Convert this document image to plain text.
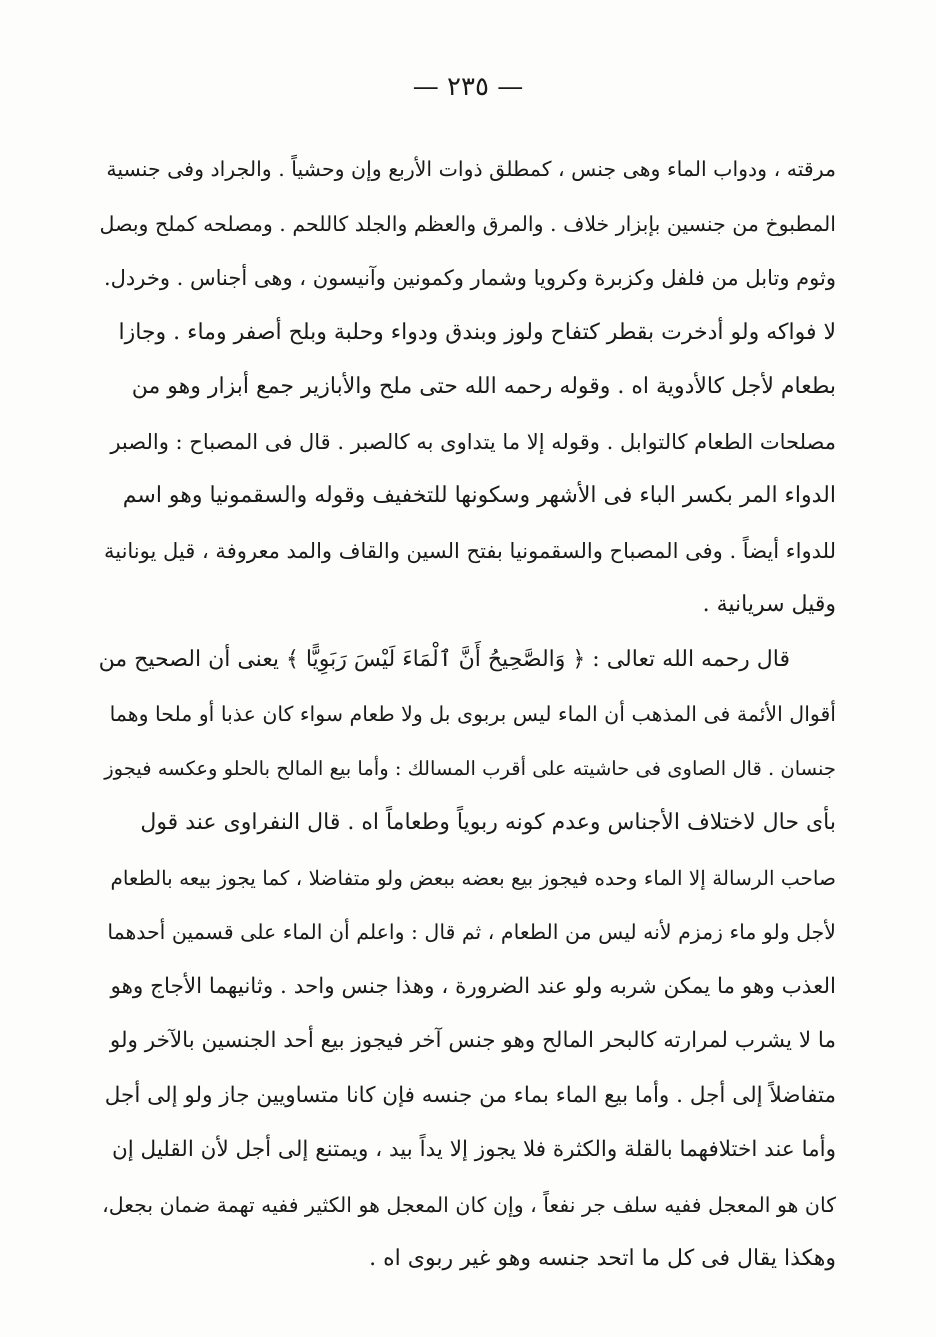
— ٢٣٥ —
مرقته ، ودواب الماء وهى جنس ، كمطلق ذوات الأربع وإن وحشياً . والجراد وفى جنسية
المطبوخ من جنسين بإبزار خلاف . والمرق والعظم والجلد كاللحم . ومصلحه كملح وبصل
وثوم وتابل من فلفل وكزبرة وكرويا وشمار وكمونين وآنيسون ، وهى أجناس . وخردل.
لا فواكه ولو أدخرت بقطر كتفاح ولوز وبندق ودواء وحلبة وبلح أصفر وماء . وجازا
بطعام لأجل كالأدوية اه . وقوله رحمه الله حتى ملح والأبازير جمع أبزار وهو من
مصلحات الطعام كالتوابل . وقوله إلا ما يتداوى به كالصبر . قال فى المصباح : والصبر
الدواء المر بكسر الباء فى الأشهر وسكونها للتخفيف وقوله والسقمونيا وهو اسم
للدواء أيضاً . وفى المصباح والسقمونيا بفتح السين والقاف والمد معروفة ، قيل يونانية
وقيل سريانية .
قال رحمه الله تعالى : ﴿ وَالصَّحِيحُ أَنَّ ٱلْمَاءَ لَيْسَ رَبَوِيًّا ﴾ يعنى أن الصحيح من
أقوال الأئمة فى المذهب أن الماء ليس بربوى بل ولا طعام سواء كان عذبا أو ملحا وهما
جنسان . قال الصاوى فى حاشيته على أقرب المسالك : وأما بيع المالح بالحلو وعكسه فيجوز
بأى حال لاختلاف الأجناس وعدم كونه ربوياً وطعاماً اه . قال النفراوى عند قول
صاحب الرسالة إلا الماء وحده فيجوز بيع بعضه ببعض ولو متفاضلا ، كما يجوز بيعه بالطعام
لأجل ولو ماء زمزم لأنه ليس من الطعام ، ثم قال : واعلم أن الماء على قسمين أحدهما
العذب وهو ما يمكن شربه ولو عند الضرورة ، وهذا جنس واحد . وثانيهما الأجاج وهو
ما لا يشرب لمرارته كالبحر المالح وهو جنس آخر فيجوز بيع أحد الجنسين بالآخر ولو
متفاضلاً إلى أجل . وأما بيع الماء بماء من جنسه فإن كانا متساويين جاز ولو إلى أجل
وأما عند اختلافهما بالقلة والكثرة فلا يجوز إلا يداً بيد ، ويمتنع إلى أجل لأن القليل إن
كان هو المعجل ففيه سلف جر نفعاً ، وإن كان المعجل هو الكثير ففيه تهمة ضمان بجعل،
وهكذا يقال فى كل ما اتحد جنسه وهو غير ربوى اه .
